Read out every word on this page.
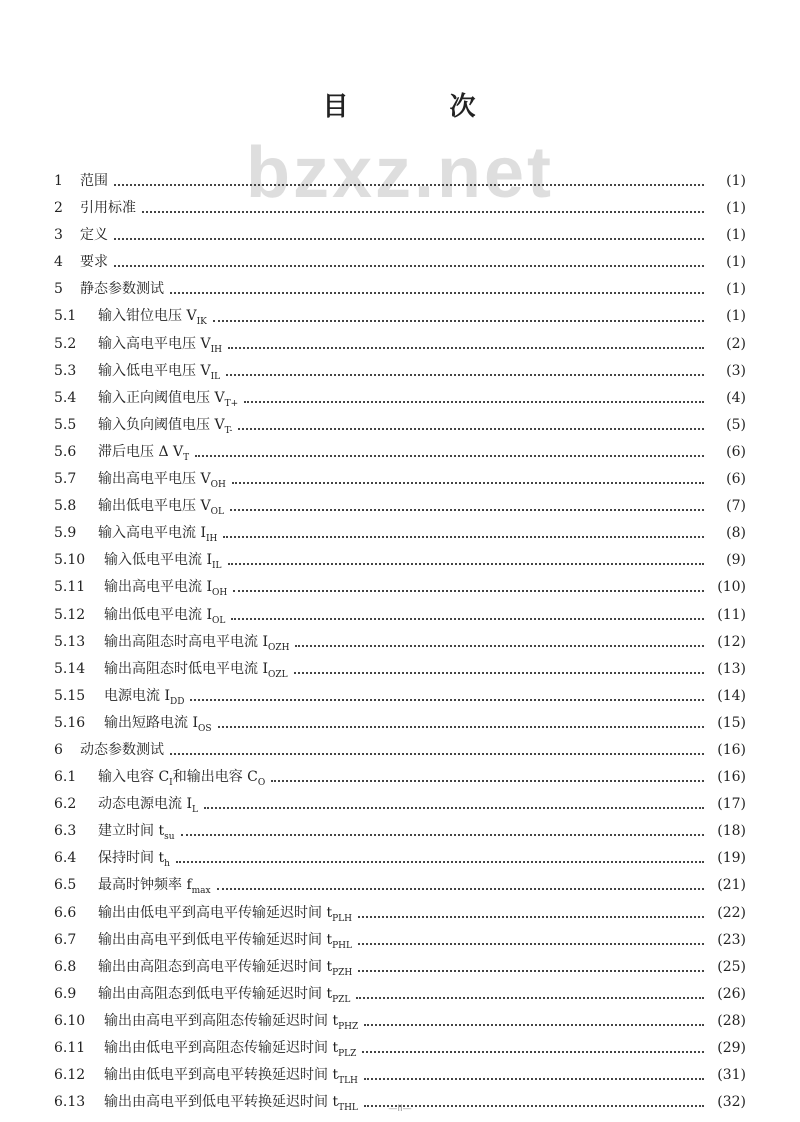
bzxz.net
目	次
1	范围	(1)
2	引用标准	(1)
3	定义	(1)
4	要求	(1)
5	静态参数测试	(1)
5.1	输入钳位电压 $V_{IK}$	(1)
5.2	输入高电平电压 $V_{IH}$	(2)
5.3	输入低电平电压 $V_{IL}$	(3)
5.4	输入正向阈值电压 $V_{T+}$	(4)
5.5	输入负向阈值电压 $V_{T-}$	(5)
5.6	滞后电压 Δ $V_T$	(6)
5.7	输出高电平电压 $V_{OH}$	(6)
5.8	输出低电平电压 $V_{OL}$	(7)
5.9	输入高电平电流 $I_{IH}$	(8)
5.10	输入低电平电流 $I_{IL}$	(9)
5.11	输出高电平电流 $I_{OH}$	(10)
5.12	输出低电平电流 $I_{OL}$	(11)
5.13	输出高阻态时高电平电流 $I_{OZH}$	(12)
5.14	输出高阻态时低电平电流 $I_{OZL}$	(13)
5.15	电源电流 $I_{DD}$	(14)
5.16	输出短路电流 $I_{OS}$	(15)
6	动态参数测试	(16)
6.1	输入电容 $C_I$和输出电容 $C_O$	(16)
6.2	动态电源电流 $I_L$	(17)
6.3	建立时间 $t_{su}$	(18)
6.4	保持时间 $t_h$	(19)
6.5	最高时钟频率 $f_{max}$	(21)
6.6	输出由低电平到高电平传输延迟时间 $t_{PLH}$	(22)
6.7	输出由高电平到低电平传输延迟时间 $t_{PHL}$	(23)
6.8	输出由高阻态到高电平传输延迟时间 $t_{PZH}$	(25)
6.9	输出由高阻态到低电平传输延迟时间 $t_{PZL}$	(26)
6.10	输出由高电平到高阻态传输延迟时间 $t_{PHZ}$	(28)
6.11	输出由低电平到高阻态传输延迟时间 $t_{PLZ}$	(29)
6.12	输出由低电平到高电平转换延迟时间 $t_{TLH}$	(31)
6.13	输出由高电平到低电平转换延迟时间 $t_{THL}$	(32)
—II—
